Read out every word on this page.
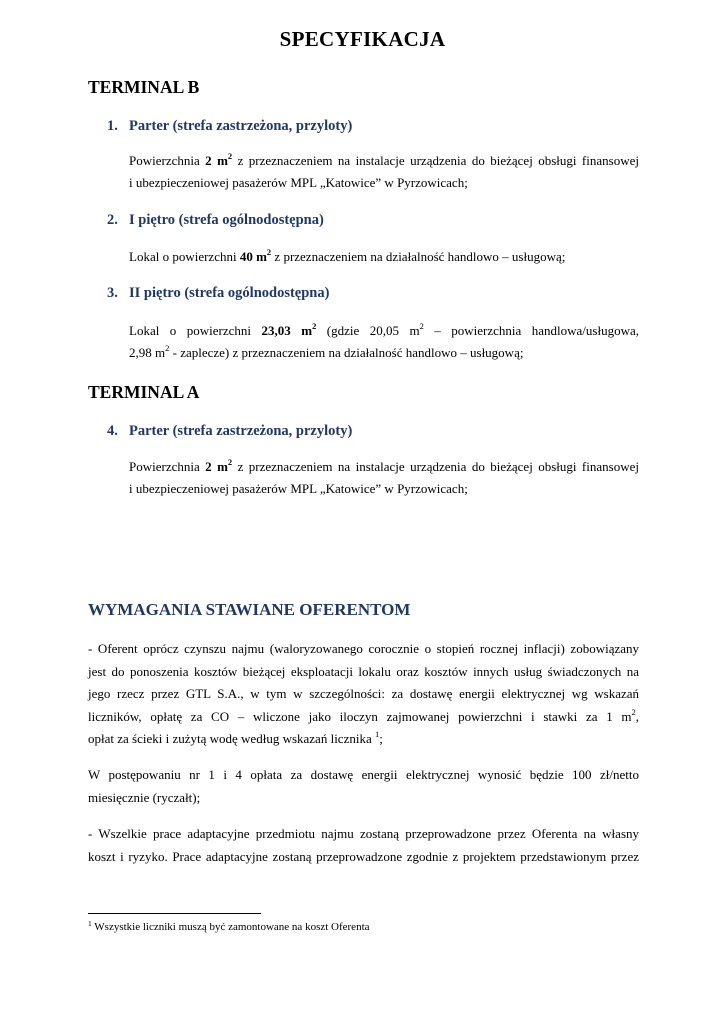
SPECYFIKACJA
TERMINAL B
1. Parter (strefa zastrzeżona, przyloty)
Powierzchnia 2 $m^2$ z przeznaczeniem na instalacje urządzenia do bieżącej obsługi finansowej
i ubezpieczeniowej pasażerów MPL „Katowice” w Pyrzowicach;
2. I piętro (strefa ogólnodostępna)
Lokal o powierzchni 40 $m^2$ z przeznaczeniem na działalność handlowo – usługową;
3. II piętro (strefa ogólnodostępna)
Lokal o powierzchni 23,03 $m^2$ (gdzie 20,05 $m^2$ – powierzchnia handlowa/usługowa,
2,98 $m^2$ - zaplecze) z przeznaczeniem na działalność handlowo – usługową;
TERMINAL A
4. Parter (strefa zastrzeżona, przyloty)
Powierzchnia 2 $m^2$ z przeznaczeniem na instalacje urządzenia do bieżącej obsługi finansowej
i ubezpieczeniowej pasażerów MPL „Katowice” w Pyrzowicach;
WYMAGANIA STAWIANE OFERENTOM
- Oferent oprócz czynszu najmu (waloryzowanego corocznie o stopień rocznej inflacji) zobowiązany
jest do ponoszenia kosztów bieżącej eksploatacji lokalu oraz kosztów innych usług świadczonych na
jego rzecz przez GTL S.A., w tym w szczególności: za dostawę energii elektrycznej wg wskazań
liczników, opłatę za CO – wliczone jako iloczyn zajmowanej powierzchni i stawki za 1 $m^2$,
opłat za ścieki i zużytą wodę według wskazań licznika $^1$;
W postępowaniu nr 1 i 4 opłata za dostawę energii elektrycznej wynosić będzie 100 zł/netto
miesięcznie (ryczałt);
- Wszelkie prace adaptacyjne przedmiotu najmu zostaną przeprowadzone przez Oferenta na własny
koszt i ryzyko. Prace adaptacyjne zostaną przeprowadzone zgodnie z projektem przedstawionym przez
$^1$ Wszystkie liczniki muszą być zamontowane na koszt Oferenta
